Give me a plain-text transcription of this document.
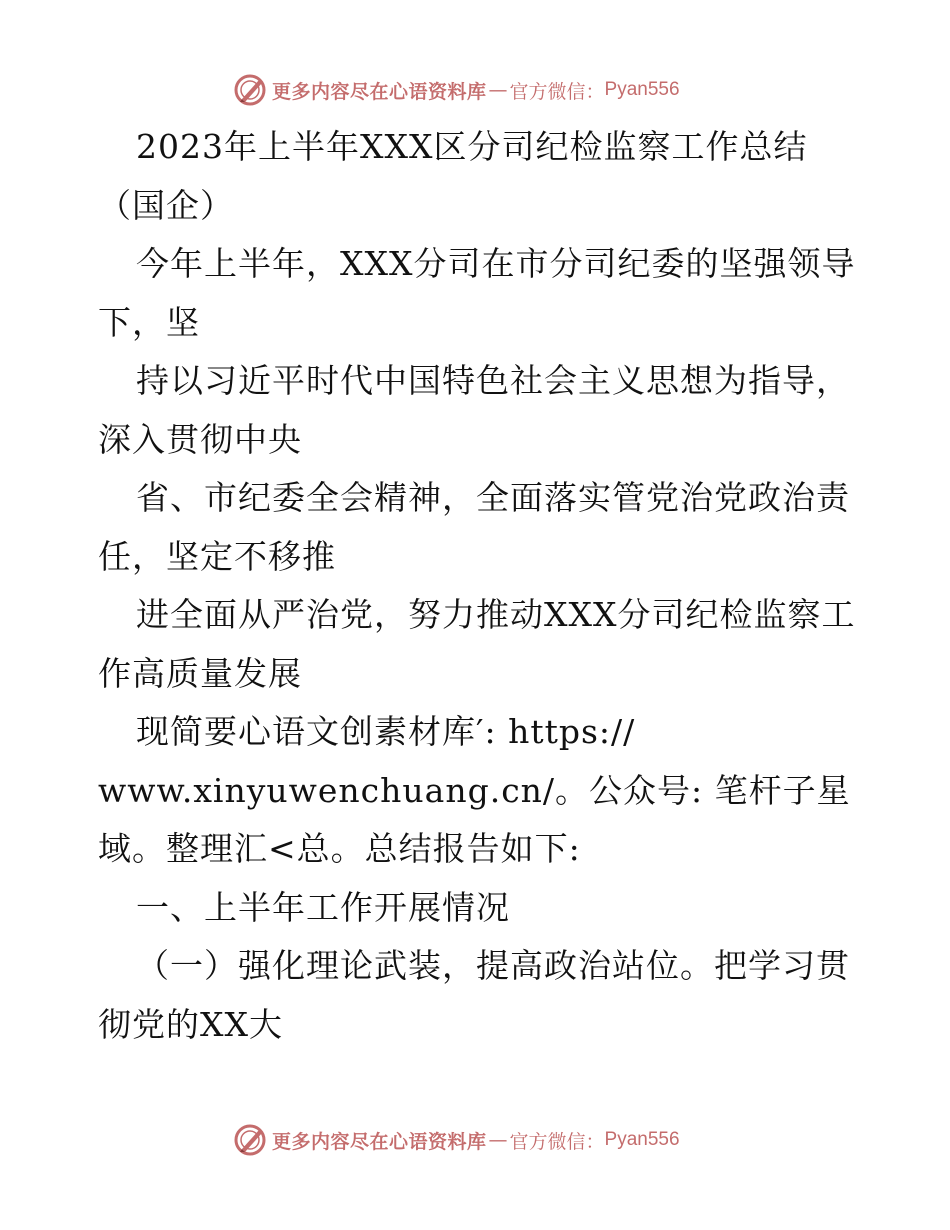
更多内容尽在心语资料库 — 官方微信： Pyan556

2023年上半年XXX区分司纪检监察工作总结（国企）

今年上半年，XXX分司在市分司纪委的坚强领导下，坚

持以习近平时代中国特色社会主义思想为指导，深入贯彻中央

省、市纪委全会精神，全面落实管党治党政治责任，坚定不移推

进全面从严治党，努力推动XXX分司纪检监察工作高质量发展

现简要心语文创素材库′: https://

www.xinyuwenchuang.cn/。公众号: 笔杆子星域。整理汇<总。总结报告如下:

一、上半年工作开展情况

（一）强化理论武装，提高政治站位。把学习贯彻党的XX大

更多内容尽在心语资料库 — 官方微信： Pyan556
